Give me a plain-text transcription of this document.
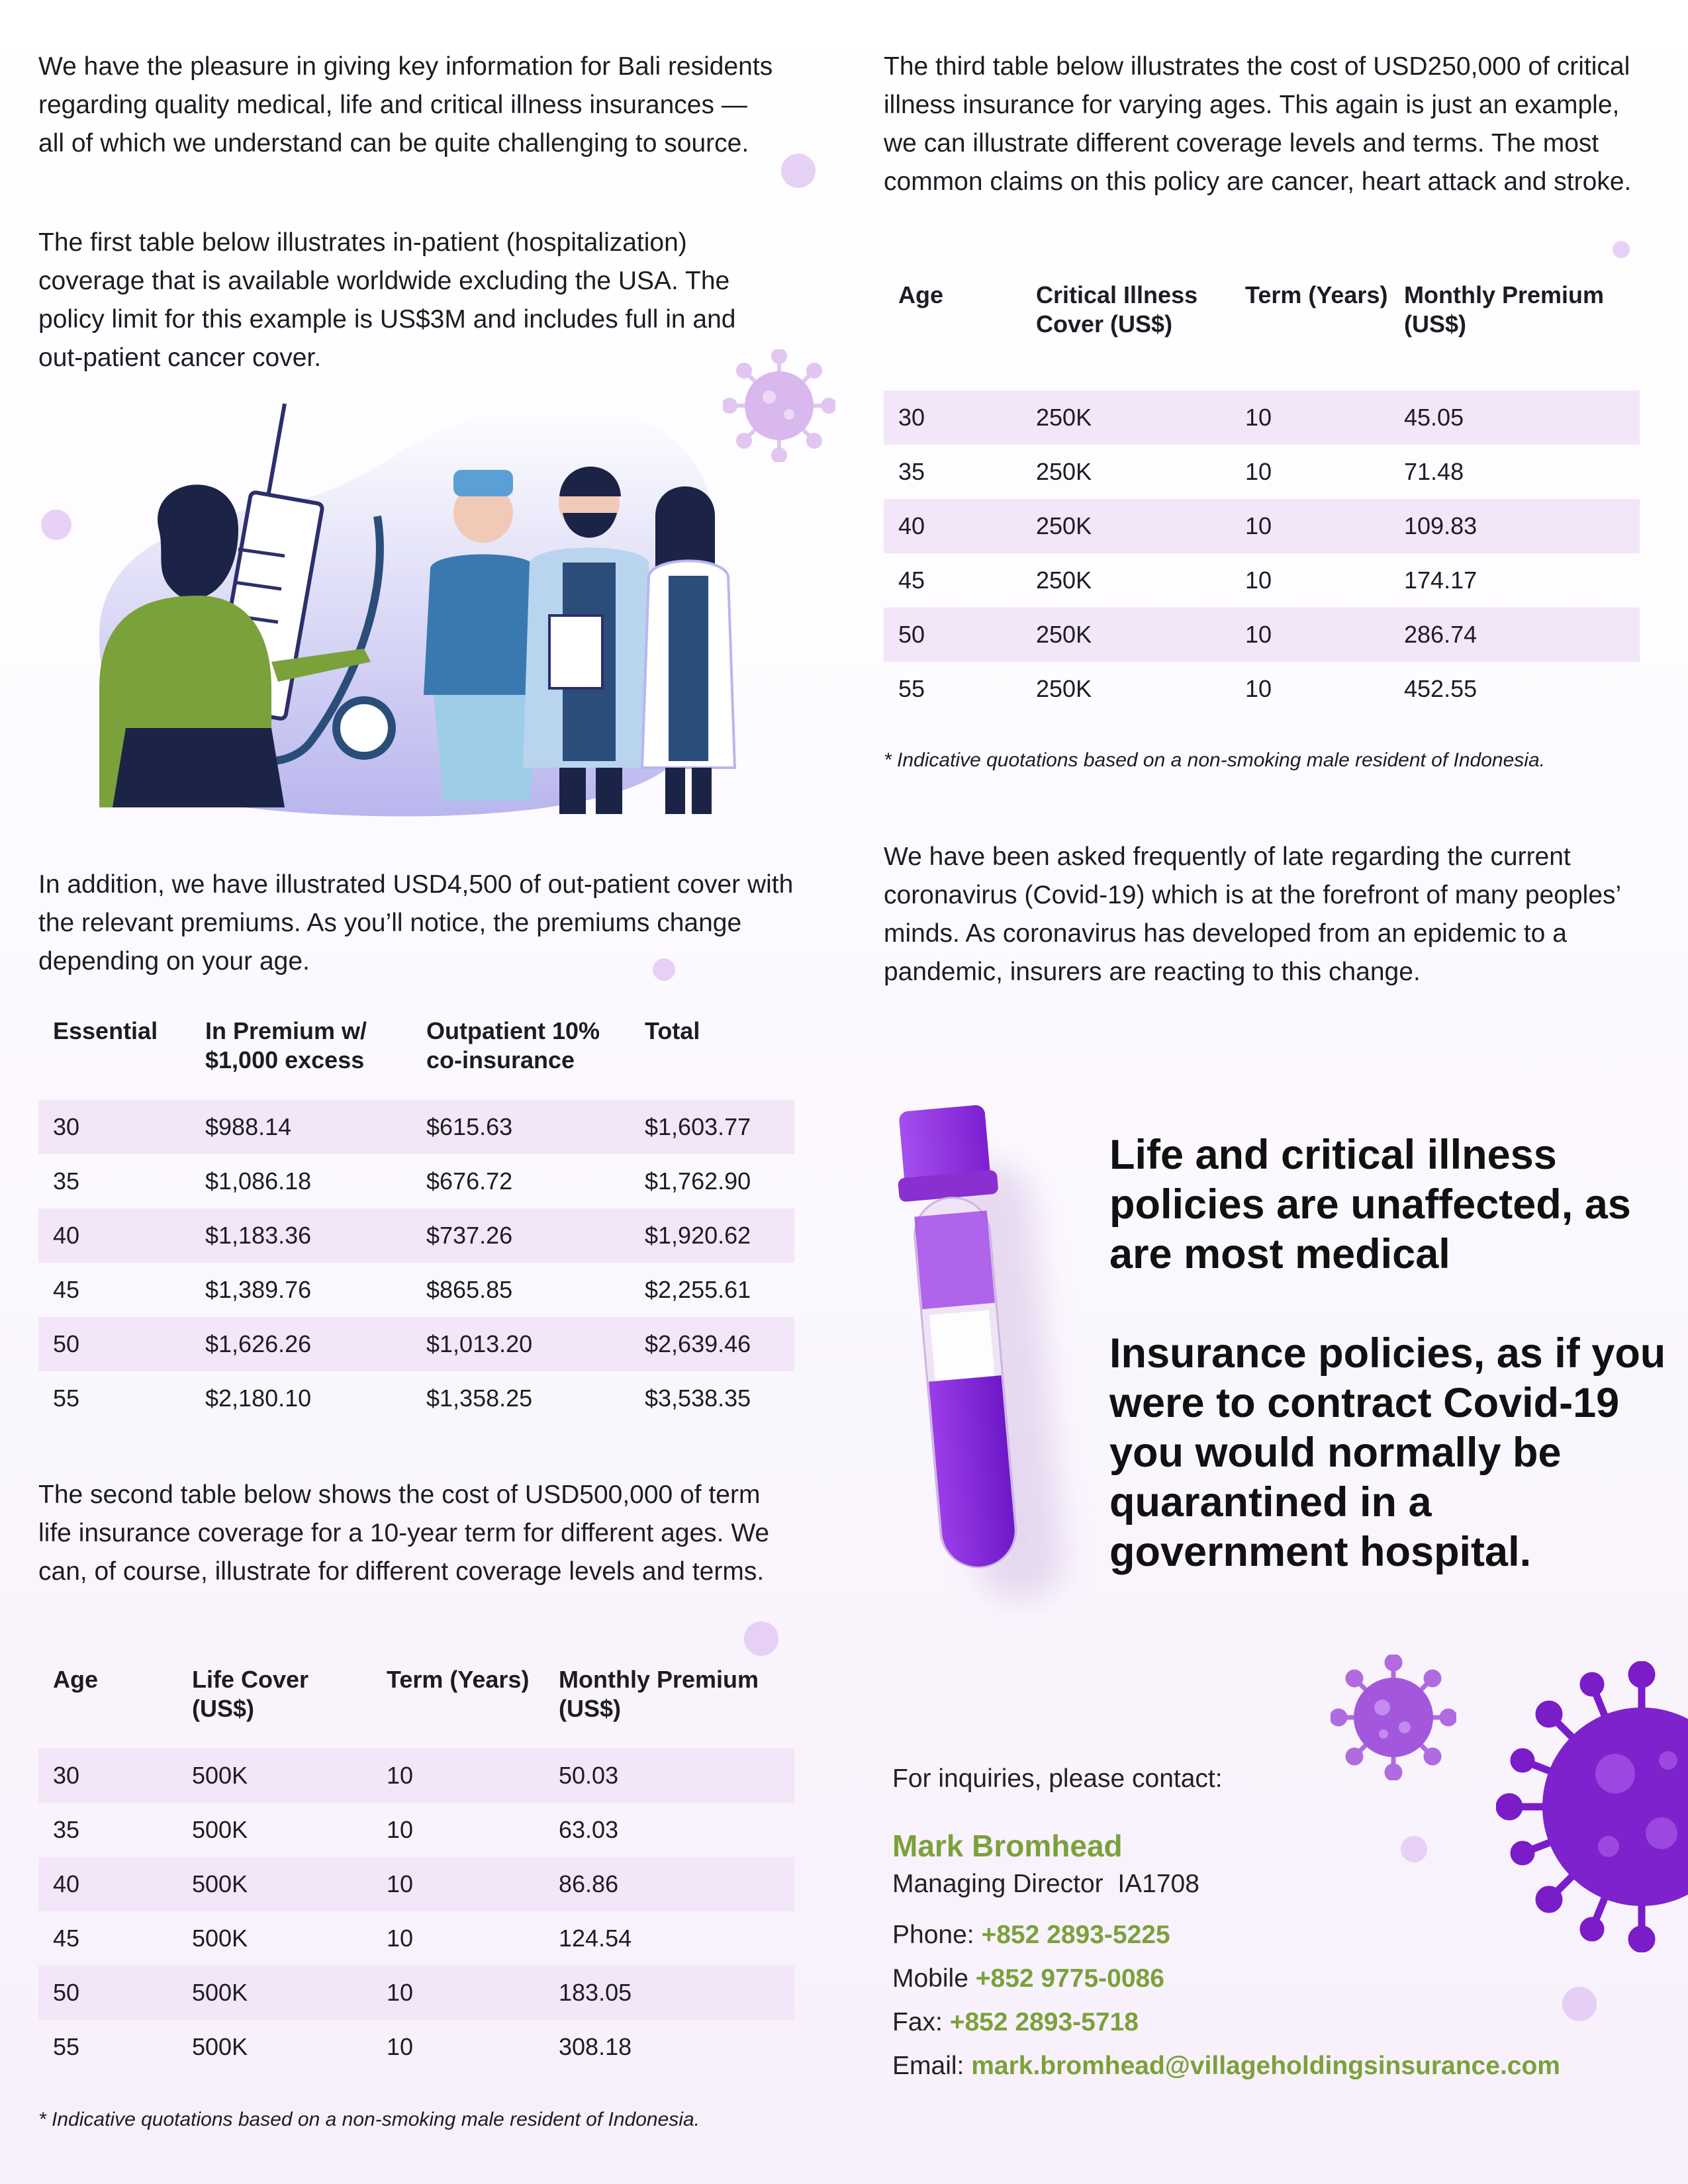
We have the pleasure in giving key information for Bali residents regarding quality medical, life and critical illness insurances — all of which we understand can be quite challenging to source.

The first table below illustrates in-patient (hospitalization) coverage that is available worldwide excluding the USA. The policy limit for this example is US$3M and includes full in and out-patient cancer cover.

In addition, we have illustrated USD4,500 of out-patient cover with the relevant premiums. As you’ll notice, the premiums change depending on your age.

Essential	In Premium w/ $1,000 excess	Outpatient 10% co-insurance	Total
30	$988.14	$615.63	$1,603.77
35	$1,086.18	$676.72	$1,762.90
40	$1,183.36	$737.26	$1,920.62
45	$1,389.76	$865.85	$2,255.61
50	$1,626.26	$1,013.20	$2,639.46
55	$2,180.10	$1,358.25	$3,538.35

The second table below shows the cost of USD500,000 of term life insurance coverage for a 10-year term for different ages. We can, of course, illustrate for different coverage levels and terms.

Age	Life Cover (US$)	Term (Years)	Monthly Premium (US$)
30	500K	10	50.03
35	500K	10	63.03
40	500K	10	86.86
45	500K	10	124.54
50	500K	10	183.05
55	500K	10	308.18

* Indicative quotations based on a non-smoking male resident of Indonesia.

The third table below illustrates the cost of USD250,000 of critical illness insurance for varying ages. This again is just an example, we can illustrate different coverage levels and terms. The most common claims on this policy are cancer, heart attack and stroke.

Age	Critical Illness Cover (US$)	Term (Years)	Monthly Premium (US$)
30	250K	10	45.05
35	250K	10	71.48
40	250K	10	109.83
45	250K	10	174.17
50	250K	10	286.74
55	250K	10	452.55

* Indicative quotations based on a non-smoking male resident of Indonesia.

We have been asked frequently of late regarding the current coronavirus (Covid-19) which is at the forefront of many peoples’ minds. As coronavirus has developed from an epidemic to a pandemic, insurers are reacting to this change.

Life and critical illness policies are unaffected, as are most medical
Insurance policies, as if you were to contract Covid-19 you would normally be quarantined in a government hospital.
For inquiries, please contact:
Mark Bromhead
Managing Director  IA1708
Phone: +852 2893-5225
Mobile +852 9775-0086
Fax: +852 2893-5718
Email: mark.bromhead@villageholdingsinsurance.com
